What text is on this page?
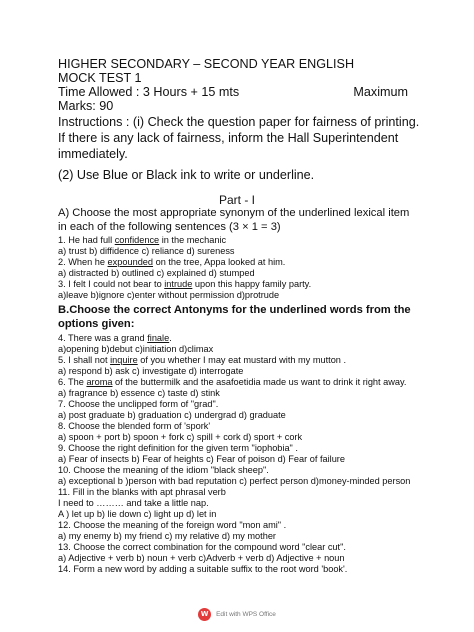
HIGHER SECONDARY – SECOND YEAR ENGLISH
MOCK TEST 1
Time Allowed : 3 Hours + 15 mts	Maximum
Marks: 90
Instructions : (i) Check the question paper for fairness of printing. If there is any lack of fairness, inform the Hall Superintendent immediately.
(2) Use Blue or Black ink to write or underline.
Part - I
A) Choose the most appropriate synonym of the underlined lexical item in each of the following sentences (3 × 1 = 3)
1. He had full confidence in the mechanic
a) trust b) diffidence c) reliance d) sureness
2. When he expounded on the tree, Appa looked at him.
a) distracted b) outlined c) explained d) stumped
3. I felt I could not bear to intrude upon this happy family party.
a)leave b)ignore c)enter without permission d)protrude
B.Choose the correct Antonyms for the underlined words from the options given:
4. There was a grand finale.
a)opening b)debut c)initiation d)climax
5. I shall not inquire of you whether I may eat mustard with my mutton .
a) respond b) ask c) investigate d) interrogate
6. The aroma of the buttermilk and the asafoetidia made us want to drink it right away.
a) fragrance b) essence c) taste d) stink
7. Choose the unclipped form of "grad".
a) post graduate b) graduation c) undergrad d) graduate
8. Choose the blended form of 'spork'
a) spoon + port b) spoon + fork c) spill + cork d) sport + cork
9. Choose the right definition for the given term "iophobia" .
a) Fear of insects b) Fear of heights c) Fear of poison d) Fear of failure
10. Choose the meaning of the idiom "black sheep".
a) exceptional b )person with bad reputation c) perfect person d)money-minded person
11. Fill in the blanks with apt phrasal verb
I need to ……… and take a little nap.
A ) let up b) lie down c) light up d) let in
12. Choose the meaning of the foreign word "mon ami" .
a) my enemy b) my friend c) my relative d) my mother
13. Choose the correct combination for the compound word "clear cut".
a) Adjective + verb b) noun + verb c)Adverb + verb d) Adjective + noun
14. Form a new word by adding a suitable suffix to the root word 'book'.
W	Edit with WPS Office
